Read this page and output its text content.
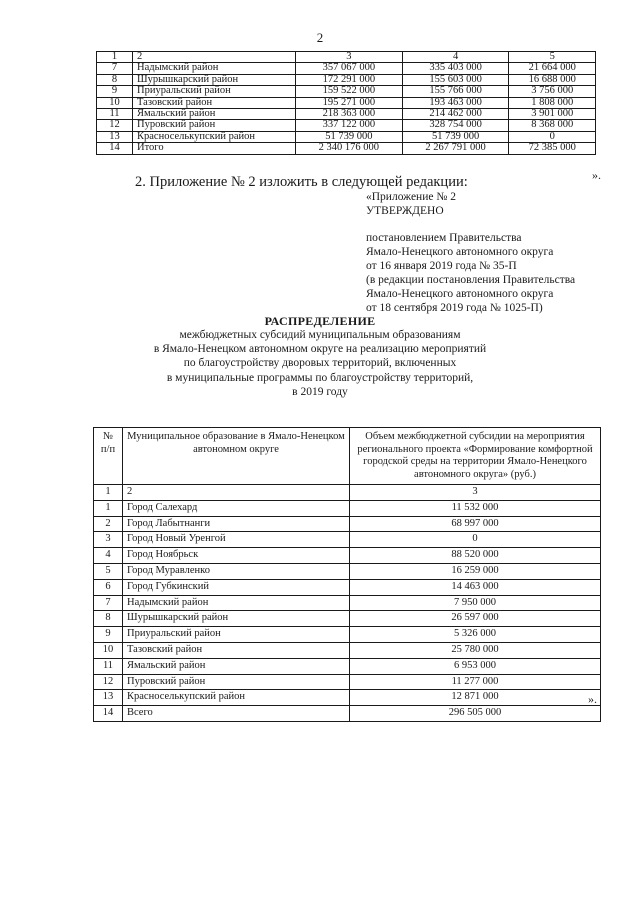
2
1	2	3	4	5
7	Надымский район	357 067 000	335 403 000	21 664 000
8	Шурышкарский район	172 291 000	155 603 000	16 688 000
9	Приуральский район	159 522 000	155 766 000	3 756 000
10	Тазовский район	195 271 000	193 463 000	1 808 000
11	Ямальский район	218 363 000	214 462 000	3 901 000
12	Пуровский район	337 122 000	328 754 000	8 368 000
13	Красноселькупский район	51 739 000	51 739 000	0
14	Итого	2 340 176 000	2 267 791 000	72 385 000
».
2. Приложение № 2 изложить в следующей редакции:
«Приложение № 2
УТВЕРЖДЕНО
постановлением Правительства
Ямало-Ненецкого автономного округа
от 16 января 2019 года № 35-П
(в редакции постановления Правительства
Ямало-Ненецкого автономного округа
от 18 сентября 2019 года № 1025-П)
РАСПРЕДЕЛЕНИЕ
межбюджетных субсидий муниципальным образованиям
в Ямало-Ненецком автономном округе на реализацию мероприятий
по благоустройству дворовых территорий, включенных
в муниципальные программы по благоустройству территорий,
в 2019 году
№ п/п	Муниципальное образование в Ямало-Ненецком автономном округе	Объем межбюджетной субсидии на мероприятия регионального проекта «Формирование комфортной городской среды на территории Ямало-Ненецкого автономного округа» (руб.)
1	2	3
1	Город Салехард	11 532 000
2	Город Лабытнанги	68 997 000
3	Город Новый Уренгой	0
4	Город Ноябрьск	88 520 000
5	Город Муравленко	16 259 000
6	Город Губкинский	14 463 000
7	Надымский район	7 950 000
8	Шурышкарский район	26 597 000
9	Приуральский район	5 326 000
10	Тазовский район	25 780 000
11	Ямальский район	6 953 000
12	Пуровский район	11 277 000
13	Красноселькупский район	12 871 000
14	Всего	296 505 000
».
